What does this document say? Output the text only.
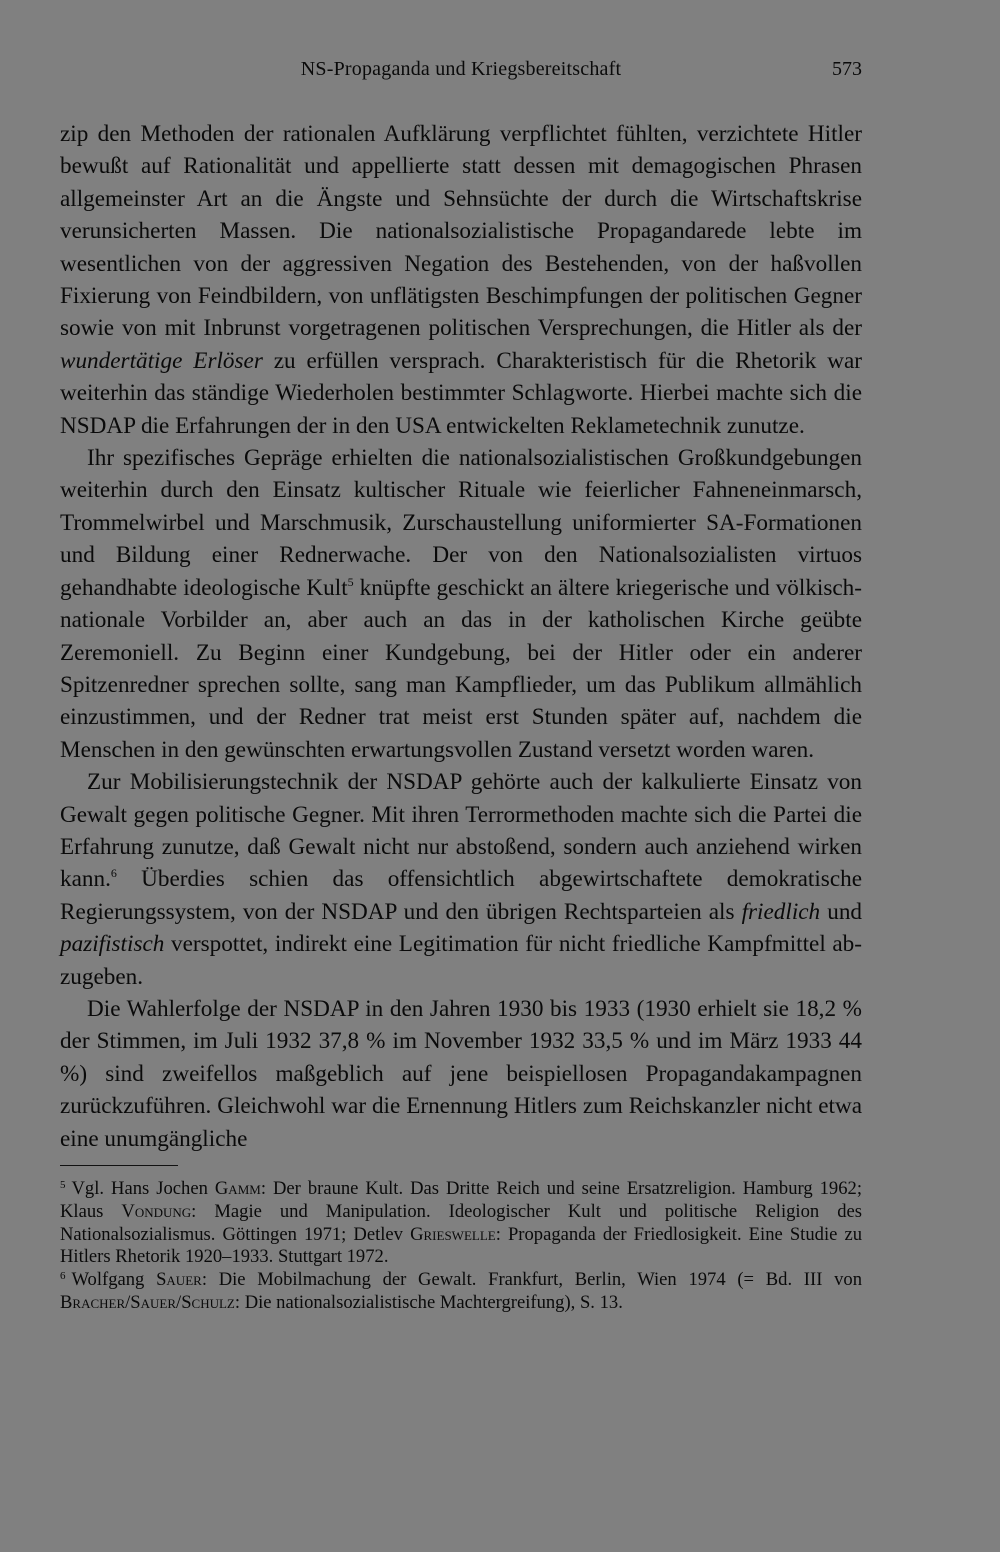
NS-Propaganda und Kriegsbereitschaft	573

zip den Methoden der rationalen Aufklärung verpflichtet fühlten, verzichtete Hitler bewußt auf Rationalität und appellierte statt dessen mit demagogischen Phrasen allgemeinster Art an die Ängste und Sehnsüchte der durch die Wirtschaftskrise verunsicherten Massen. Die nationalsozialistische Propagandarede lebte im wesentlichen von der aggressiven Negation des Bestehenden, von der haßvollen Fixierung von Feindbildern, von unflätigsten Beschimpfungen der politischen Gegner sowie von mit Inbrunst vorgetragenen politischen Versprechungen, die Hitler als der wundertätige Erlöser zu erfüllen versprach. Charakteristisch für die Rhetorik war weiterhin das ständige Wiederholen bestimmter Schlagworte. Hierbei machte sich die NSDAP die Erfahrungen der in den USA entwickelten Reklametechnik zunutze.

Ihr spezifisches Gepräge erhielten die nationalsozialistischen Großkundgebungen weiterhin durch den Einsatz kultischer Rituale wie feierlicher Fahneneinmarsch, Trommelwirbel und Marschmusik, Zurschaustellung uniformierter SA-Formationen und Bildung einer Rednerwache. Der von den Nationalsozialisten virtuos gehandhabte ideologische Kult$^5$ knüpfte geschickt an ältere kriegerische und völkisch-nationale Vorbilder an, aber auch an das in der katholischen Kirche geübte Zeremoniell. Zu Beginn einer Kundgebung, bei der Hitler oder ein anderer Spitzenredner sprechen sollte, sang man Kampflieder, um das Publikum allmählich einzustimmen, und der Redner trat meist erst Stunden später auf, nachdem die Menschen in den gewünschten erwartungsvollen Zustand versetzt worden waren.

Zur Mobilisierungstechnik der NSDAP gehörte auch der kalkulierte Einsatz von Gewalt gegen politische Gegner. Mit ihren Terrormethoden machte sich die Partei die Erfahrung zunutze, daß Gewalt nicht nur abstoßend, sondern auch anziehend wirken kann.$^6$ Überdies schien das offensichtlich abgewirtschaftete demokratische Regierungssystem, von der NSDAP und den übrigen Rechtsparteien als friedlich und pazifistisch verspottet, indirekt eine Legitimation für nicht friedliche Kampfmittel abzugeben.

Die Wahlerfolge der NSDAP in den Jahren 1930 bis 1933 (1930 erhielt sie 18,2 % der Stimmen, im Juli 1932 37,8 % im November 1932 33,5 % und im März 1933 44 %) sind zweifellos maßgeblich auf jene beispiellosen Propagandakampagnen zurückzuführen. Gleichwohl war die Ernennung Hitlers zum Reichskanzler nicht etwa eine unumgängliche

$^5$ Vgl. Hans Jochen Gamm: Der braune Kult. Das Dritte Reich und seine Ersatzreligion. Hamburg 1962; Klaus Vondung: Magie und Manipulation. Ideologischer Kult und politische Religion des Nationalsozialismus. Göttingen 1971; Detlev Grieswelle: Propaganda der Friedlosigkeit. Eine Studie zu Hitlers Rhetorik 1920–1933. Stuttgart 1972.

$^6$ Wolfgang Sauer: Die Mobilmachung der Gewalt. Frankfurt, Berlin, Wien 1974 (= Bd. III von Bracher/Sauer/Schulz: Die nationalsozialistische Machtergreifung), S. 13.
